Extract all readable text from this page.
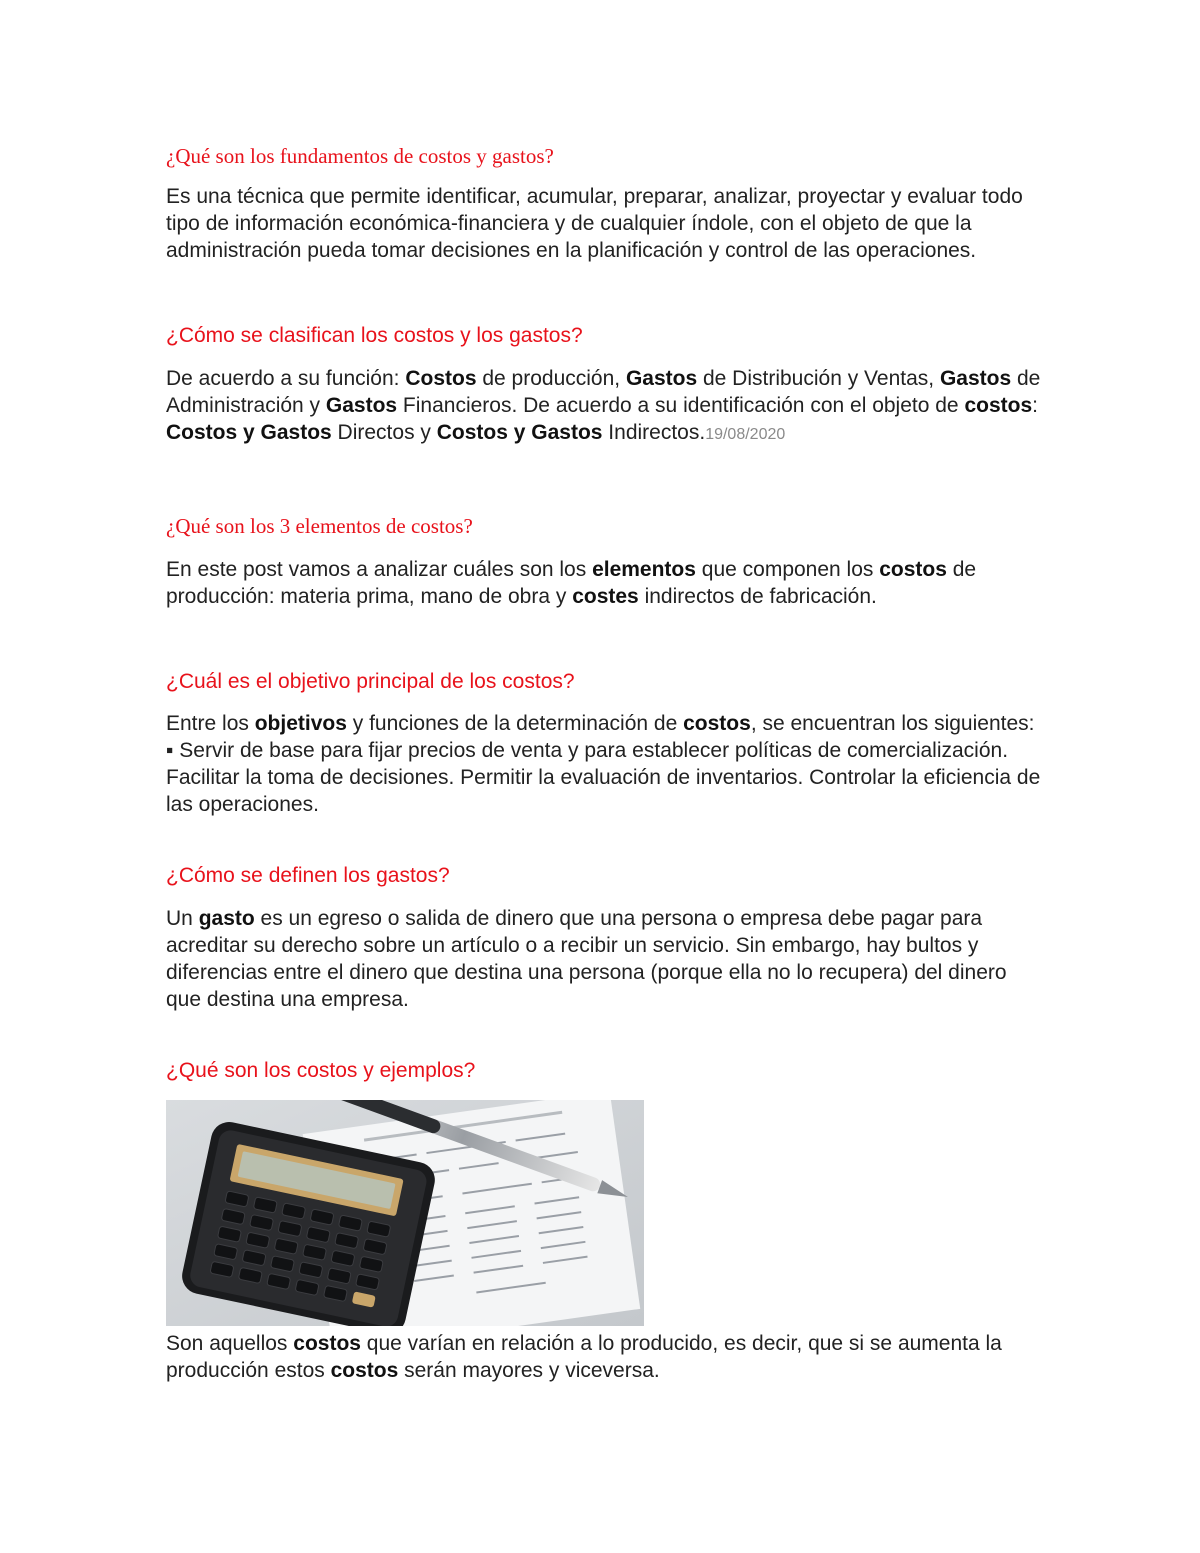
¿Qué son los fundamentos de costos y gastos?

Es una técnica que permite identificar, acumular, preparar, analizar, proyectar y evaluar todo tipo de información económica-financiera y de cualquier índole, con el objeto de que la administración pueda tomar decisiones en la planificación y control de las operaciones.

¿Cómo se clasifican los costos y los gastos?

De acuerdo a su función: Costos de producción, Gastos de Distribución y Ventas, Gastos de Administración y Gastos Financieros. De acuerdo a su identificación con el objeto de costos: Costos y Gastos Directos y Costos y Gastos Indirectos.19/08/2020

¿Qué son los 3 elementos de costos?

En este post vamos a analizar cuáles son los elementos que componen los costos de producción: materia prima, mano de obra y costes indirectos de fabricación.

¿Cuál es el objetivo principal de los costos?

Entre los objetivos y funciones de la determinación de costos, se encuentran los siguientes: ▪ Servir de base para fijar precios de venta y para establecer políticas de comercialización. Facilitar la toma de decisiones. Permitir la evaluación de inventarios. Controlar la eficiencia de las operaciones.

¿Cómo se definen los gastos?

Un gasto es un egreso o salida de dinero que una persona o empresa debe pagar para acreditar su derecho sobre un artículo o a recibir un servicio. Sin embargo, hay bultos y diferencias entre el dinero que destina una persona (porque ella no lo recupera) del dinero que destina una empresa.

¿Qué son los costos y ejemplos?

Son aquellos costos que varían en relación a lo producido, es decir, que si se aumenta la producción estos costos serán mayores y viceversa.
